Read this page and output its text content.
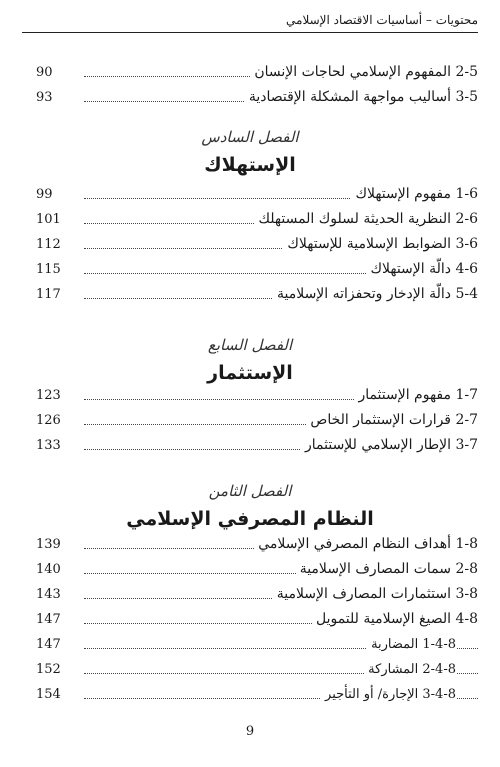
محتويات – أساسيات الاقتصاد الإسلامي
2-5 المفهوم الإسلامي لحاجات الإنسان
90
3-5 أساليب مواجهة المشكلة الإقتصادية
93
الفصل السادس
الإستهلاك
1-6 مفهوم الإستهلاك
99
2-6 النظرية الحديثة لسلوك المستهلك
101
3-6 الضوابط الإسلامية للإستهلاك
112
4-6 دالّة الإستهلاك
115
5-4 دالّة الإدخار وتحفزاته الإسلامية
117
الفصل السابع
الإستثمار
1-7 مفهوم الإستثمار
123
2-7 قرارات الإستثمار الخاص
126
3-7 الإطار الإسلامي للإستثمار
133
الفصل الثامن
النظام المصرفي الإسلامي
1-8 أهداف النظام المصرفي الإسلامي
139
2-8 سمات المصارف الإسلامية
140
3-8 استثمارات المصارف الإسلامية
143
4-8 الصيغ الإسلامية للتمويل
147
1-4-8 المضاربة
147
2-4-8 المشاركة
152
3-4-8 الإجارة/ أو التأجير
154
9
